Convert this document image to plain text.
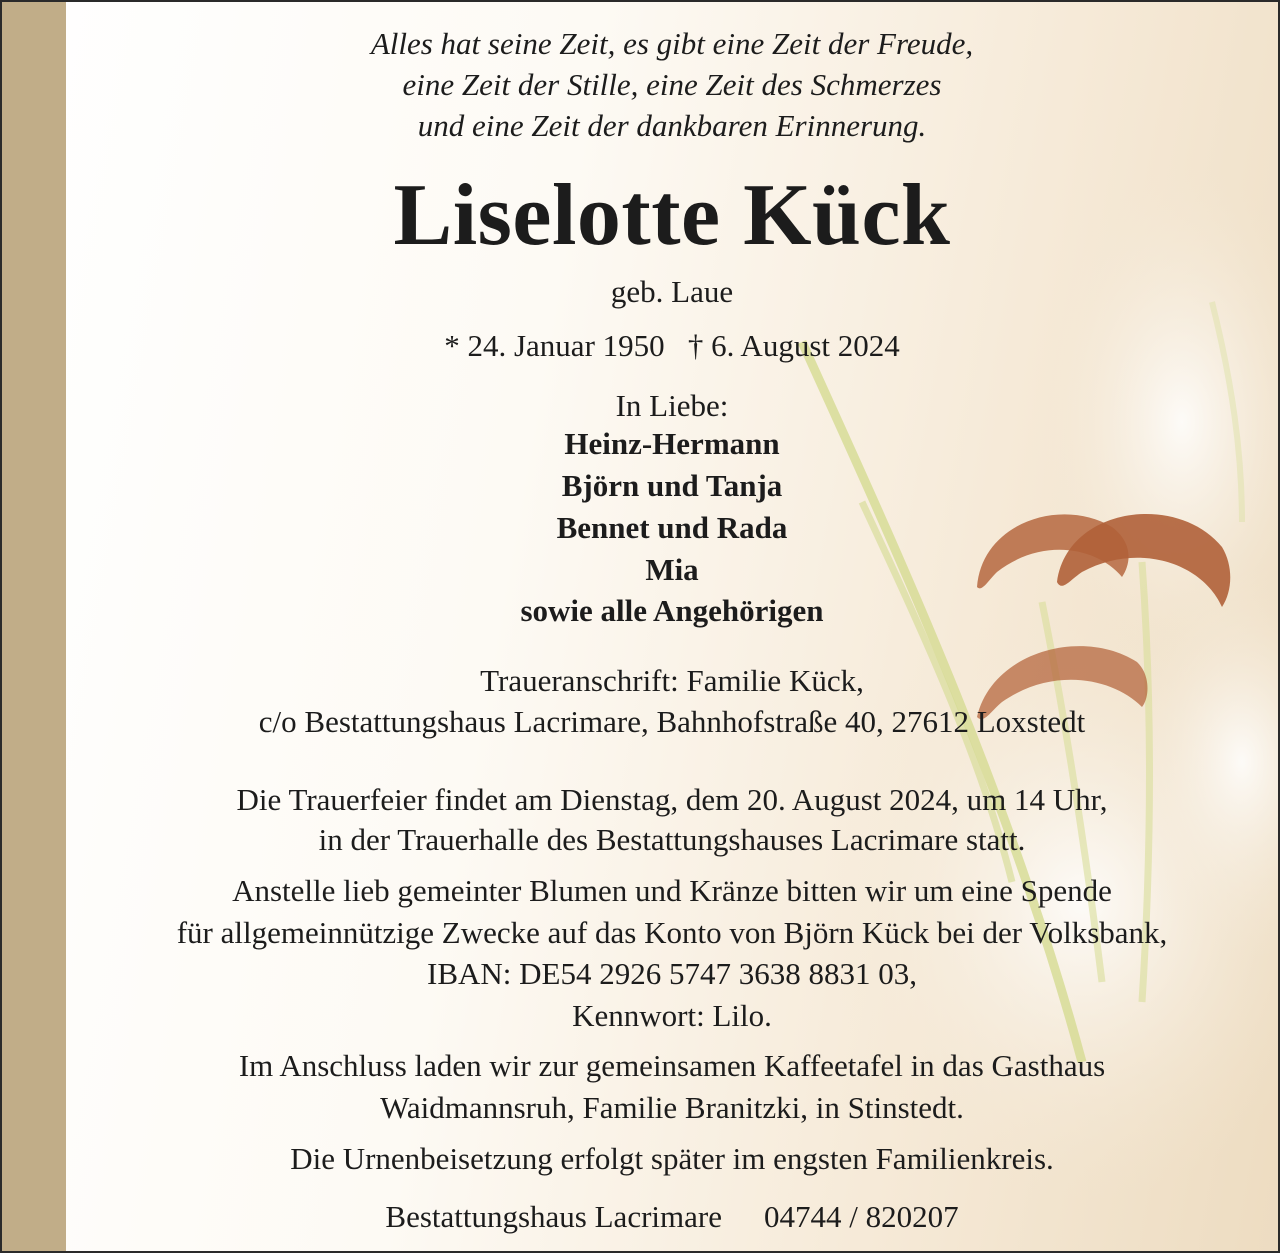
Alles hat seine Zeit, es gibt eine Zeit der Freude,
eine Zeit der Stille, eine Zeit des Schmerzes
und eine Zeit der dankbaren Erinnerung.
Liselotte Kück
geb. Laue
* 24. Januar 1950   † 6. August 2024
In Liebe:
Heinz-Hermann
Björn und Tanja
Bennet und Rada
Mia
sowie alle Angehörigen
Traueranschrift: Familie Kück,
c/o Bestattungshaus Lacrimare, Bahnhofstraße 40, 27612 Loxstedt
Die Trauerfeier findet am Dienstag, dem 20. August 2024, um 14 Uhr,
in der Trauerhalle des Bestattungshauses Lacrimare statt.
Anstelle lieb gemeinter Blumen und Kränze bitten wir um eine Spende
für allgemeinnützige Zwecke auf das Konto von Björn Kück bei der Volksbank,
IBAN: DE54 2926 5747 3638 8831 03,
Kennwort: Lilo.
Im Anschluss laden wir zur gemeinsamen Kaffeetafel in das Gasthaus
Waidmannsruh, Familie Branitzki, in Stinstedt.
Die Urnenbeisetzung erfolgt später im engsten Familienkreis.
Bestattungshaus Lacrimare 04744 / 820207
